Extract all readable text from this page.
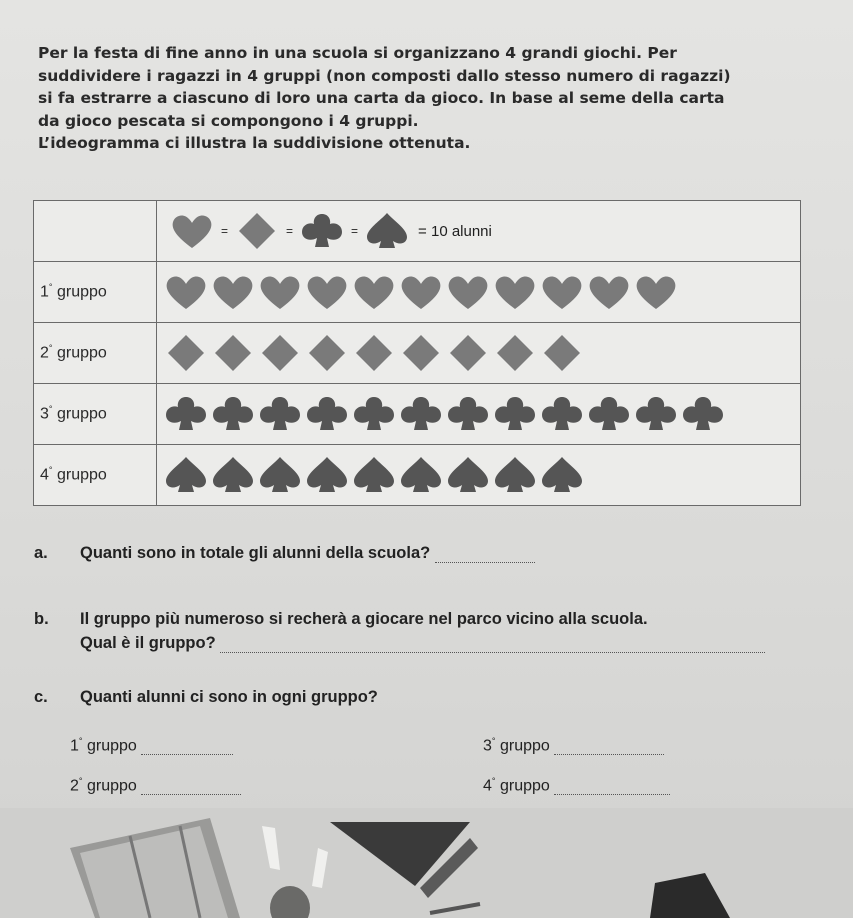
Per la festa di fine anno in una scuola si organizzano 4 grandi giochi. Per
suddividere i ragazzi in 4 gruppi (non composti dallo stesso numero di ragazzi)
si fa estrarre a ciascuno di loro una carta da gioco. In base al seme della carta
da gioco pescata si compongono i 4 gruppi.
L’ideogramma ci illustra la suddivisione ottenuta.

	= = = = 10 alunni

1° gruppo	

2° gruppo	

3° gruppo	

4° gruppo	
a. Quanti sono in totale gli alunni della scuola?
b. Il gruppo più numeroso si recherà a giocare nel parco vicino alla scuola.
Qual è il gruppo?
c. Quanti alunni ci sono in ogni gruppo?
1° gruppo	3° gruppo
2° gruppo	4° gruppo
